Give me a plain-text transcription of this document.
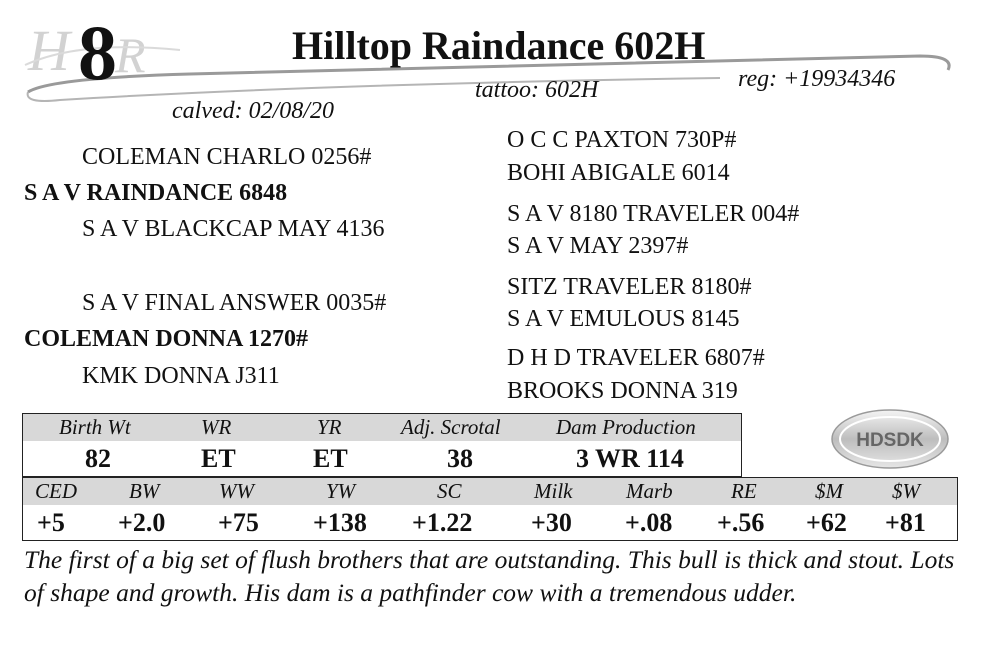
H R
8	Hilltop Raindance 602H
reg: +19934346
tattoo: 602H
calved: 02/08/20
COLEMAN CHARLO 0256#
S A V RAINDANCE 6848
S A V BLACKCAP MAY 4136
S A V FINAL ANSWER 0035#
COLEMAN DONNA 1270#
KMK DONNA J311
O C C PAXTON 730P#
BOHI ABIGALE 6014
S A V 8180 TRAVELER 004#
S A V MAY 2397#
SITZ TRAVELER 8180#
S A V EMULOUS 8145
D H D TRAVELER 6807#
BROOKS DONNA 319
Birth Wt	WR	YR	Adj. Scrotal	Dam Production
82	ET	ET	38	3 WR 114
HDSDK
CED BW	WW	YW	SC	Milk	Marb	RE	$M $W
+5 +2.0 +75 +138 +1.22 +30 +.08 +.56 +62 +81
The first of a big set of flush brothers that are outstanding. This bull is thick and stout. Lots of shape and growth. His dam is a pathfinder cow with a tremendous udder.
